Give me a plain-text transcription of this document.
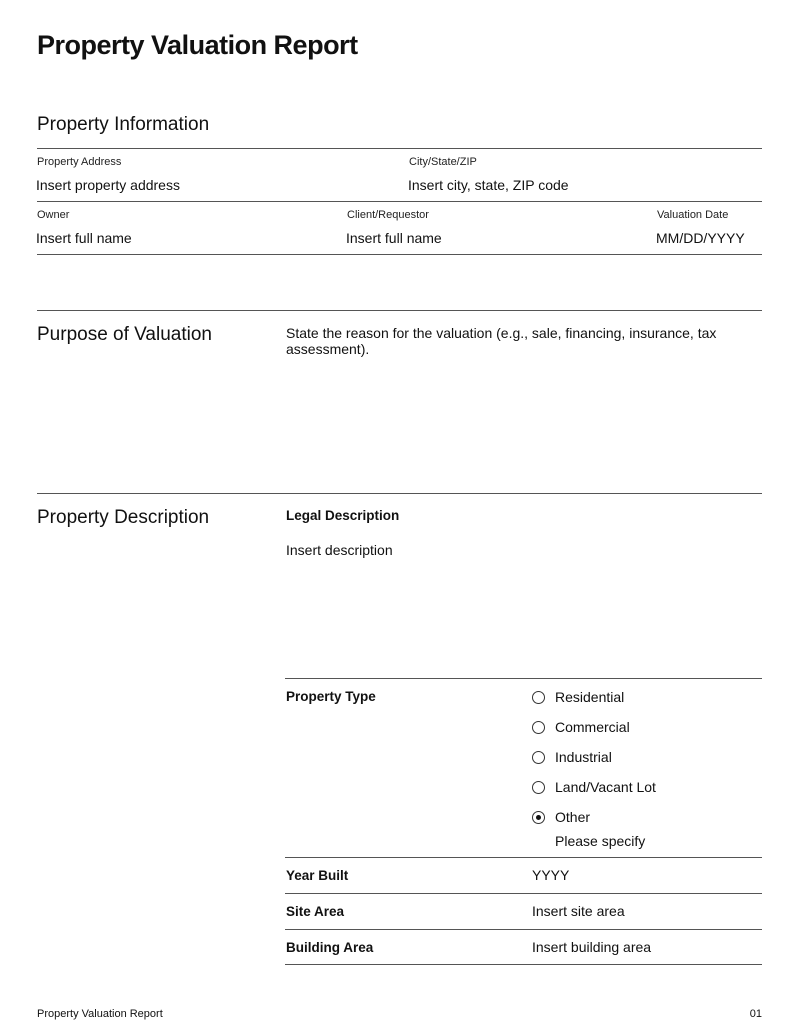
Property Valuation Report
Property Information
Property Address
Insert property address
City/State/ZIP
Insert city, state, ZIP code
Owner
Insert full name
Client/Requestor
Insert full name
Valuation Date
MM/DD/YYYY
Purpose of Valuation	State the reason for the valuation (e.g., sale, financing, insurance, tax assessment).
Property Description	Legal Description
Insert description
Property Type	Residential
Commercial
Industrial
Land/Vacant Lot
Other
Please specify
Year Built	YYYY
Site Area	Insert site area
Building Area	Insert building area
Property Valuation Report	01
